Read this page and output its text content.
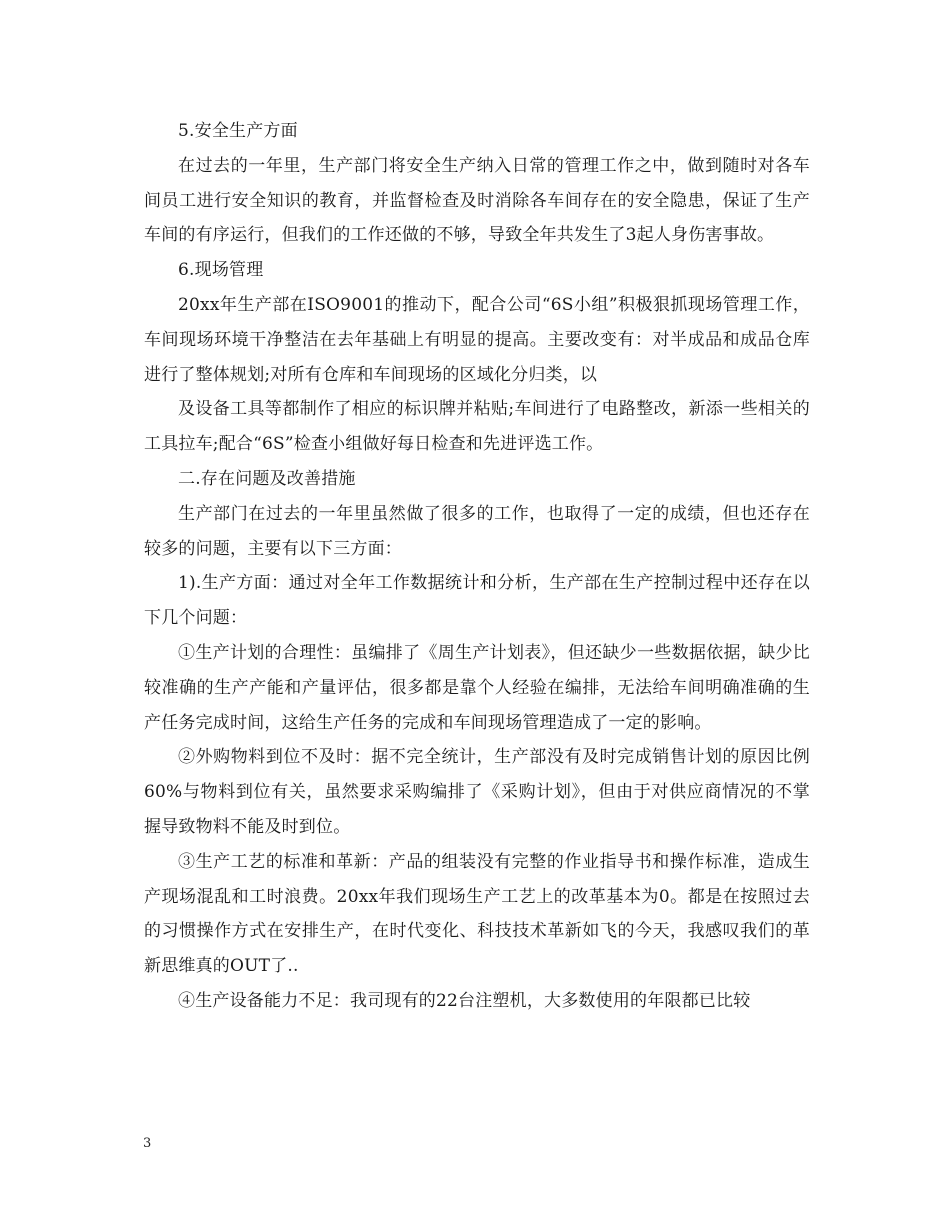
5.安全生产方面

在过去的一年里，生产部门将安全生产纳入日常的管理工作之中，做到随时对各车间员工进行安全知识的教育，并监督检查及时消除各车间存在的安全隐患，保证了生产车间的有序运行，但我们的工作还做的不够，导致全年共发生了3起人身伤害事故。

6.现场管理

20xx年生产部在ISO9001的推动下，配合公司“6S小组”积极狠抓现场管理工作，车间现场环境干净整洁在去年基础上有明显的提高。主要改变有：对半成品和成品仓库进行了整体规划;对所有仓库和车间现场的区域化分归类，以

及设备工具等都制作了相应的标识牌并粘贴;车间进行了电路整改，新添一些相关的工具拉车;配合“6S”检查小组做好每日检查和先进评选工作。

二.存在问题及改善措施

生产部门在过去的一年里虽然做了很多的工作，也取得了一定的成绩，但也还存在较多的问题，主要有以下三方面：

1).生产方面：通过对全年工作数据统计和分析，生产部在生产控制过程中还存在以下几个问题：

①生产计划的合理性：虽编排了《周生产计划表》，但还缺少一些数据依据，缺少比较准确的生产产能和产量评估，很多都是靠个人经验在编排，无法给车间明确准确的生产任务完成时间，这给生产任务的完成和车间现场管理造成了一定的影响。

②外购物料到位不及时：据不完全统计，生产部没有及时完成销售计划的原因比例60%与物料到位有关，虽然要求采购编排了《采购计划》，但由于对供应商情况的不掌握导致物料不能及时到位。

③生产工艺的标准和革新：产品的组装没有完整的作业指导书和操作标准，造成生产现场混乱和工时浪费。20xx年我们现场生产工艺上的改革基本为0。都是在按照过去的习惯操作方式在安排生产，在时代变化、科技技术革新如飞的今天，我感叹我们的革新思维真的OUT了..

④生产设备能力不足：我司现有的22台注塑机，大多数使用的年限都已比较

3
